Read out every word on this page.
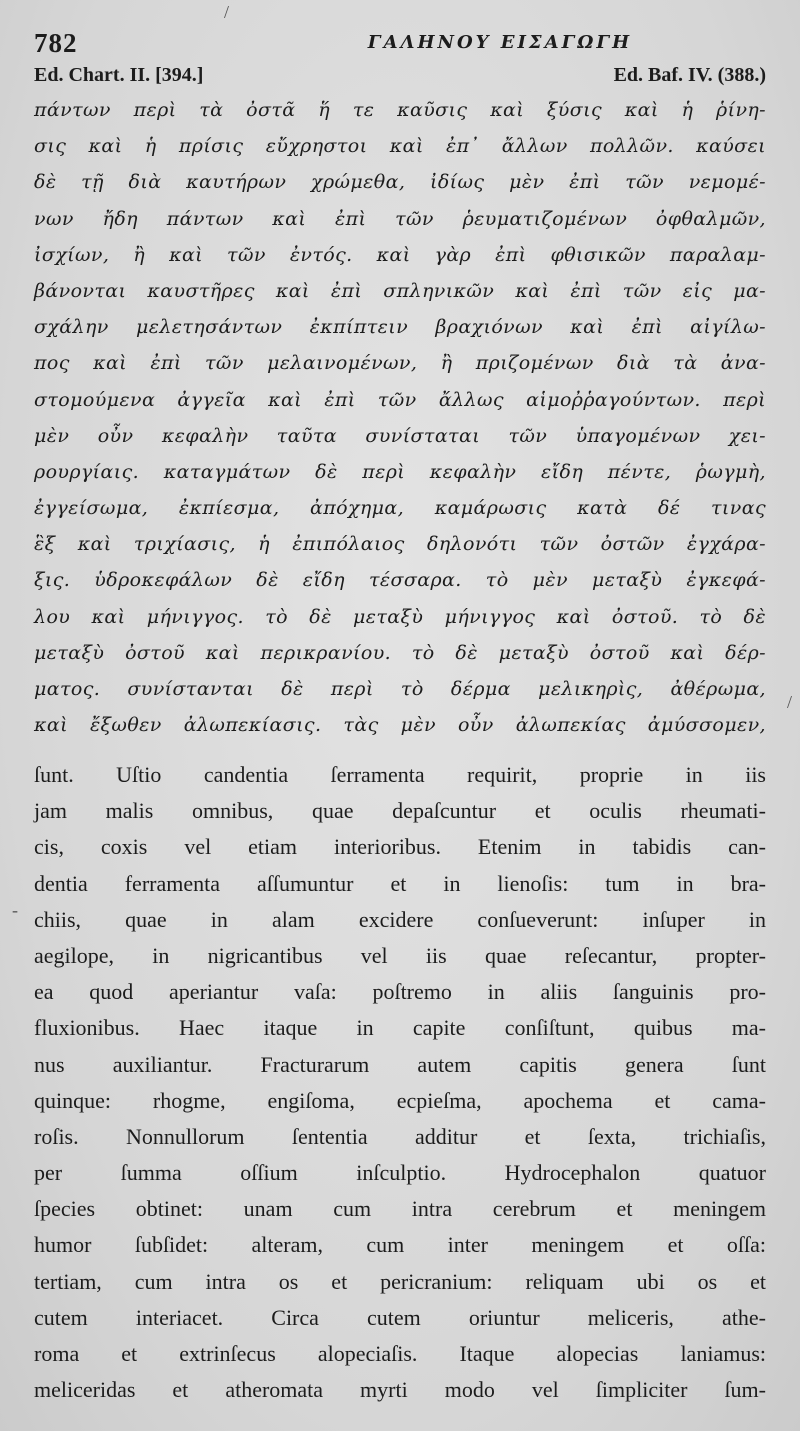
/
782	ΓΑΛΗΝΟΥ ΕΙΣΑΓΩΓΗ
Ed. Chart. II. [394.]	Ed. Baf. IV. (388.)
πάντων περὶ τὰ ὀστᾶ ἥ τε καῦσις καὶ ξύσις καὶ ἡ ῥίνη-
σις καὶ ἡ πρίσις εὔχρηστοι καὶ ἐπ᾽ ἄλλων πολλῶν. καύσει
δὲ τῇ διὰ καυτήρων χρώμεθα, ἰδίως μὲν ἐπὶ τῶν νεμομέ-
νων ἤδη πάντων καὶ ἐπὶ τῶν ῥευματιζομένων ὀφθαλμῶν,
ἰσχίων, ἢ καὶ τῶν ἐντός. καὶ γὰρ ἐπὶ φθισικῶν παραλαμ-
βάνονται καυστῆρες καὶ ἐπὶ σπληνικῶν καὶ ἐπὶ τῶν εἰς μα-
σχάλην μελετησάντων ἐκπίπτειν βραχιόνων καὶ ἐπὶ αἰγίλω-
πος καὶ ἐπὶ τῶν μελαινομένων, ἢ πριζομένων διὰ τὰ ἀνα-
στομούμενα ἀγγεῖα καὶ ἐπὶ τῶν ἄλλως αἱμοῤῥαγούντων. περὶ
μὲν οὖν κεφαλὴν ταῦτα συνίσταται τῶν ὑπαγομένων χει-
ρουργίαις. καταγμάτων δὲ περὶ κεφαλὴν εἴδη πέντε, ῥωγμὴ,
ἐγγείσωμα, ἐκπίεσμα, ἀπόχημα, καμάρωσις κατὰ δέ τινας
ἓξ καὶ τριχίασις, ἡ ἐπιπόλαιος δηλονότι τῶν ὀστῶν ἐγχάρα-
ξις. ὑδροκεφάλων δὲ εἴδη τέσσαρα. τὸ μὲν μεταξὺ ἐγκεφά-
λου καὶ μήνιγγος. τὸ δὲ μεταξὺ μήνιγγος καὶ ὀστοῦ. τὸ δὲ
μεταξὺ ὀστοῦ καὶ περικρανίου. τὸ δὲ μεταξὺ ὀστοῦ καὶ δέρ-
ματος. συνίστανται δὲ περὶ τὸ δέρμα μελικηρὶς, ἀθέρωμα,
καὶ ἔξωθεν ἀλωπεκίασις. τὰς μὲν οὖν ἀλωπεκίας ἀμύσσομεν,
/
ſunt. Uſtio candentia ſerramenta requirit, proprie in iis
jam malis omnibus, quae depaſcuntur et oculis rheumati-
cis, coxis vel etiam interioribus. Etenim in tabidis can-
dentia ferramenta aſſumuntur et in lienoſis: tum in bra-
chiis, quae in alam excidere conſueverunt: inſuper in
aegilope, in nigricantibus vel iis quae reſecantur, propter-
ea quod aperiantur vaſa: poſtremo in aliis ſanguinis pro-
fluxionibus. Haec itaque in capite conſiſtunt, quibus ma-
nus auxiliantur. Fracturarum autem capitis genera ſunt
quinque: rhogme, engiſoma, ecpieſma, apochema et cama-
roſis. Nonnullorum ſententia additur et ſexta, trichiaſis,
per ſumma oſſium inſculptio. Hydrocephalon quatuor
ſpecies obtinet: unam cum intra cerebrum et meningem
humor ſubſidet: alteram, cum inter meningem et oſſa:
tertiam, cum intra os et pericranium: reliquam ubi os et
cutem interiacet. Circa cutem oriuntur meliceris, athe-
roma et extrinſecus alopeciaſis. Itaque alopecias laniamus:
meliceridas et atheromata myrti modo vel ſimpliciter ſum-
-
